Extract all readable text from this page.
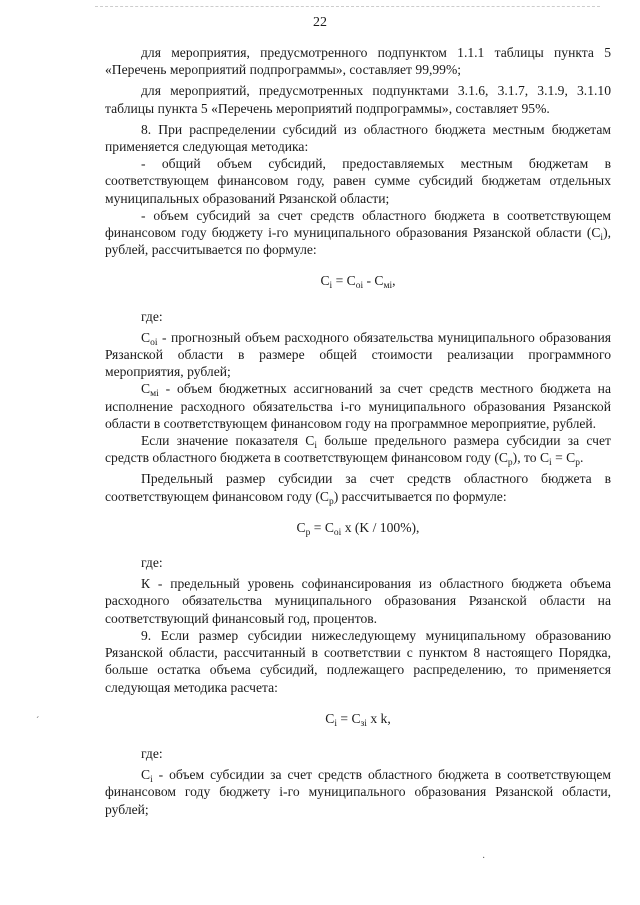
22

для мероприятия, предусмотренного подпунктом 1.1.1 таблицы пункта 5 «Перечень мероприятий подпрограммы», составляет 99,99%;

для мероприятий, предусмотренных подпунктами 3.1.6, 3.1.7, 3.1.9, 3.1.10 таблицы пункта 5 «Перечень мероприятий подпрограммы», составляет 95%.

8. При распределении субсидий из областного бюджета местным бюджетам применяется следующая методика:

- общий объем субсидий, предоставляемых местным бюджетам в соответствующем финансовом году, равен сумме субсидий бюджетам отдельных муниципальных образований Рязанской области;

- объем субсидий за счет средств областного бюджета в соответствующем финансовом году бюджету i-го муниципального образования Рязанской области $(C_i)$, рублей, рассчитывается по формуле:

$C_i = C_{oi} - C_{мi}$,

где:

$C_{oi}$ - прогнозный объем расходного обязательства муниципального образования Рязанской области в размере общей стоимости реализации программного мероприятия, рублей;

$C_{мi}$ - объем бюджетных ассигнований за счет средств местного бюджета на исполнение расходного обязательства i-го муниципального образования Рязанской области в соответствующем финансовом году на программное мероприятие, рублей.

Если значение показателя $C_i$ больше предельного размера субсидии за счет средств областного бюджета в соответствующем финансовом году $(C_р)$, то $C_i = C_р$.

Предельный размер субсидии за счет средств областного бюджета в соответствующем финансовом году $(C_р)$ рассчитывается по формуле:

$C_р = C_{oi}$ x (K / 100%),

где:

К - предельный уровень софинансирования из областного бюджета объема расходного обязательства муниципального образования Рязанской области на соответствующий финансовый год, процентов.

9. Если размер субсидии нижеследующему муниципальному образованию Рязанской области, рассчитанный в соответствии с пунктом 8 настоящего Порядка, больше остатка объема субсидий, подлежащего распределению, то применяется следующая методика расчета:

$C_i = C_{зi}$ x k,

где:

$C_i$ - объем субсидии за счет средств областного бюджета в соответствующем финансовом году бюджету i-го муниципального образования Рязанской области, рублей;

ˊ
·
